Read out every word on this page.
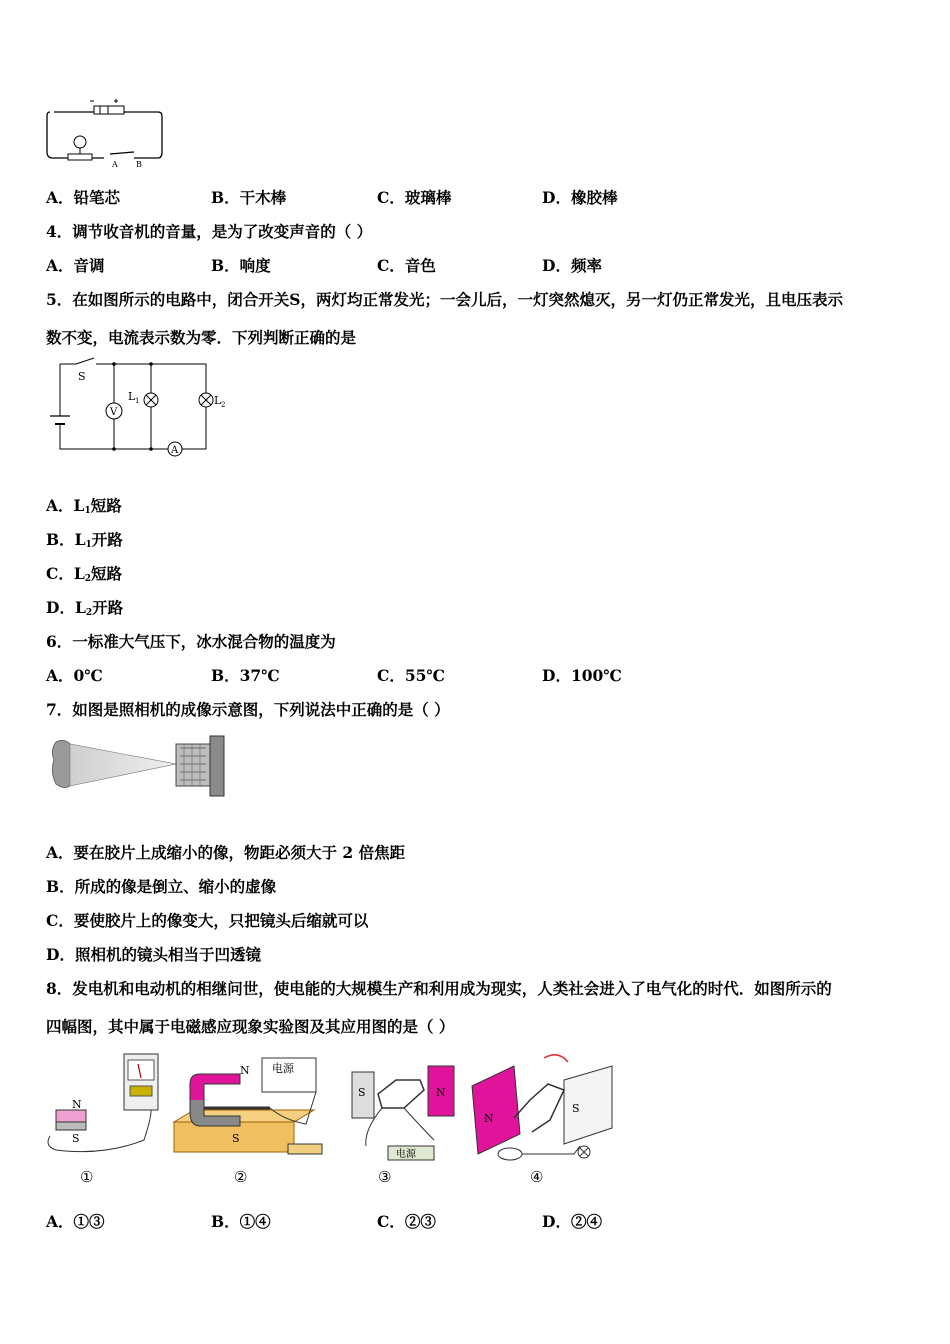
A B
A．铅笔芯	B．干木棒	C．玻璃棒	D．橡胶棒
4．调节收音机的音量，是为了改变声音的（ ）
A．音调	B．响度	C．音色	D．频率
5．在如图所示的电路中，闭合开关S，两灯均正常发光；一会儿后，一灯突然熄灭，另一灯仍正常发光，且电压表示
数不变，电流表示数为零．下列判断正确的是
V
A
S
L 1	L 2
A．$L_1$短路
B．$L_1$开路
C．$L_2$短路
D．$L_2$开路
6．一标准大气压下，冰水混合物的温度为
A．0℃	B．37℃	C．55℃	D．100℃
7．如图是照相机的成像示意图，下列说法中正确的是（ ）
A．要在胶片上成缩小的像，物距必须大于 2 倍焦距
B．所成的像是倒立、缩小的虚像
C．要使胶片上的像变大，只把镜头后缩就可以
D．照相机的镜头相当于凹透镜
8．发电机和电动机的相继问世，使电能的大规模生产和利用成为现实，人类社会进入了电气化的时代．如图所示的
四幅图，其中属于电磁感应现象实验图及其应用图的是（ ）
N
S
①
N
S
电源
②
S	N
电源
③
N
S
④
A．①③	B．①④	C．②③	D．②④
